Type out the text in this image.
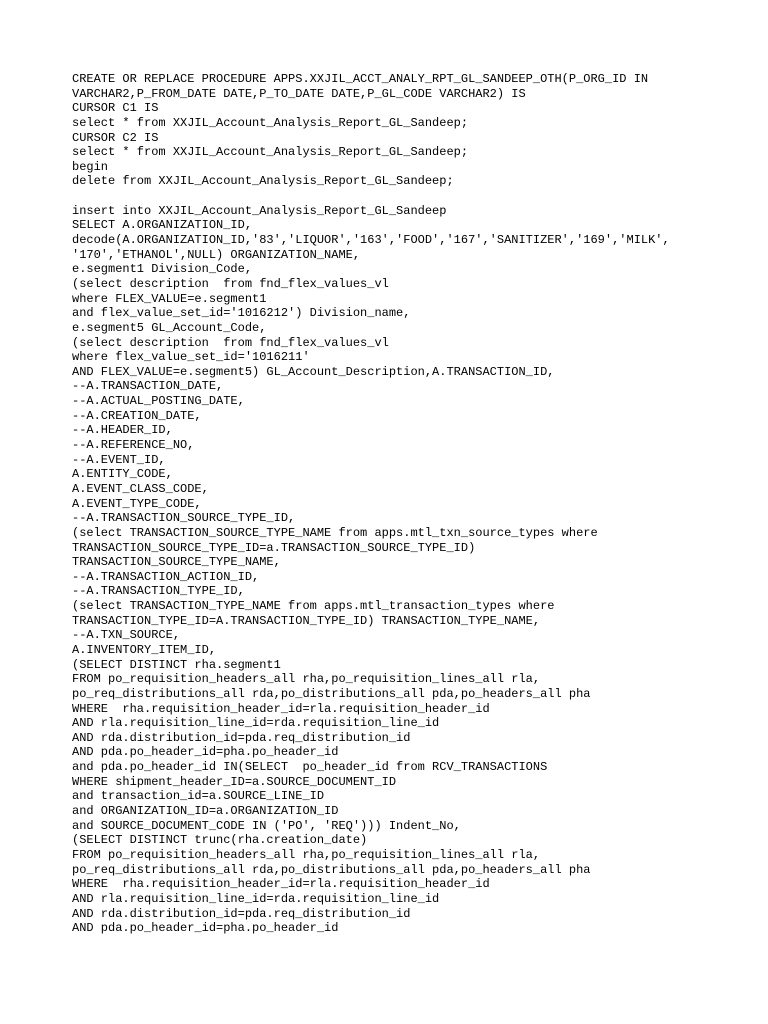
CREATE OR REPLACE PROCEDURE APPS.XXJIL_ACCT_ANALY_RPT_GL_SANDEEP_OTH(P_ORG_ID IN
VARCHAR2,P_FROM_DATE DATE,P_TO_DATE DATE,P_GL_CODE VARCHAR2) IS
CURSOR C1 IS
select * from XXJIL_Account_Analysis_Report_GL_Sandeep;
CURSOR C2 IS
select * from XXJIL_Account_Analysis_Report_GL_Sandeep;
begin
delete from XXJIL_Account_Analysis_Report_GL_Sandeep;
insert into XXJIL_Account_Analysis_Report_GL_Sandeep
SELECT A.ORGANIZATION_ID,
decode(A.ORGANIZATION_ID,'83','LIQUOR','163','FOOD','167','SANITIZER','169','MILK',
'170','ETHANOL',NULL) ORGANIZATION_NAME,
e.segment1 Division_Code,
(select description  from fnd_flex_values_vl
where FLEX_VALUE=e.segment1
and flex_value_set_id='1016212') Division_name,
e.segment5 GL_Account_Code,
(select description  from fnd_flex_values_vl
where flex_value_set_id='1016211'
AND FLEX_VALUE=e.segment5) GL_Account_Description,A.TRANSACTION_ID,
--A.TRANSACTION_DATE,
--A.ACTUAL_POSTING_DATE,
--A.CREATION_DATE,
--A.HEADER_ID,
--A.REFERENCE_NO,
--A.EVENT_ID,
A.ENTITY_CODE,
A.EVENT_CLASS_CODE,
A.EVENT_TYPE_CODE,
--A.TRANSACTION_SOURCE_TYPE_ID,
(select TRANSACTION_SOURCE_TYPE_NAME from apps.mtl_txn_source_types where
TRANSACTION_SOURCE_TYPE_ID=a.TRANSACTION_SOURCE_TYPE_ID)
TRANSACTION_SOURCE_TYPE_NAME,
--A.TRANSACTION_ACTION_ID,
--A.TRANSACTION_TYPE_ID,
(select TRANSACTION_TYPE_NAME from apps.mtl_transaction_types where
TRANSACTION_TYPE_ID=A.TRANSACTION_TYPE_ID) TRANSACTION_TYPE_NAME,
--A.TXN_SOURCE,
A.INVENTORY_ITEM_ID,
(SELECT DISTINCT rha.segment1
FROM po_requisition_headers_all rha,po_requisition_lines_all rla,
po_req_distributions_all rda,po_distributions_all pda,po_headers_all pha
WHERE  rha.requisition_header_id=rla.requisition_header_id
AND rla.requisition_line_id=rda.requisition_line_id
AND rda.distribution_id=pda.req_distribution_id
AND pda.po_header_id=pha.po_header_id
and pda.po_header_id IN(SELECT  po_header_id from RCV_TRANSACTIONS
WHERE shipment_header_ID=a.SOURCE_DOCUMENT_ID
and transaction_id=a.SOURCE_LINE_ID
and ORGANIZATION_ID=a.ORGANIZATION_ID
and SOURCE_DOCUMENT_CODE IN ('PO', 'REQ'))) Indent_No,
(SELECT DISTINCT trunc(rha.creation_date)
FROM po_requisition_headers_all rha,po_requisition_lines_all rla,
po_req_distributions_all rda,po_distributions_all pda,po_headers_all pha
WHERE  rha.requisition_header_id=rla.requisition_header_id
AND rla.requisition_line_id=rda.requisition_line_id
AND rda.distribution_id=pda.req_distribution_id
AND pda.po_header_id=pha.po_header_id
